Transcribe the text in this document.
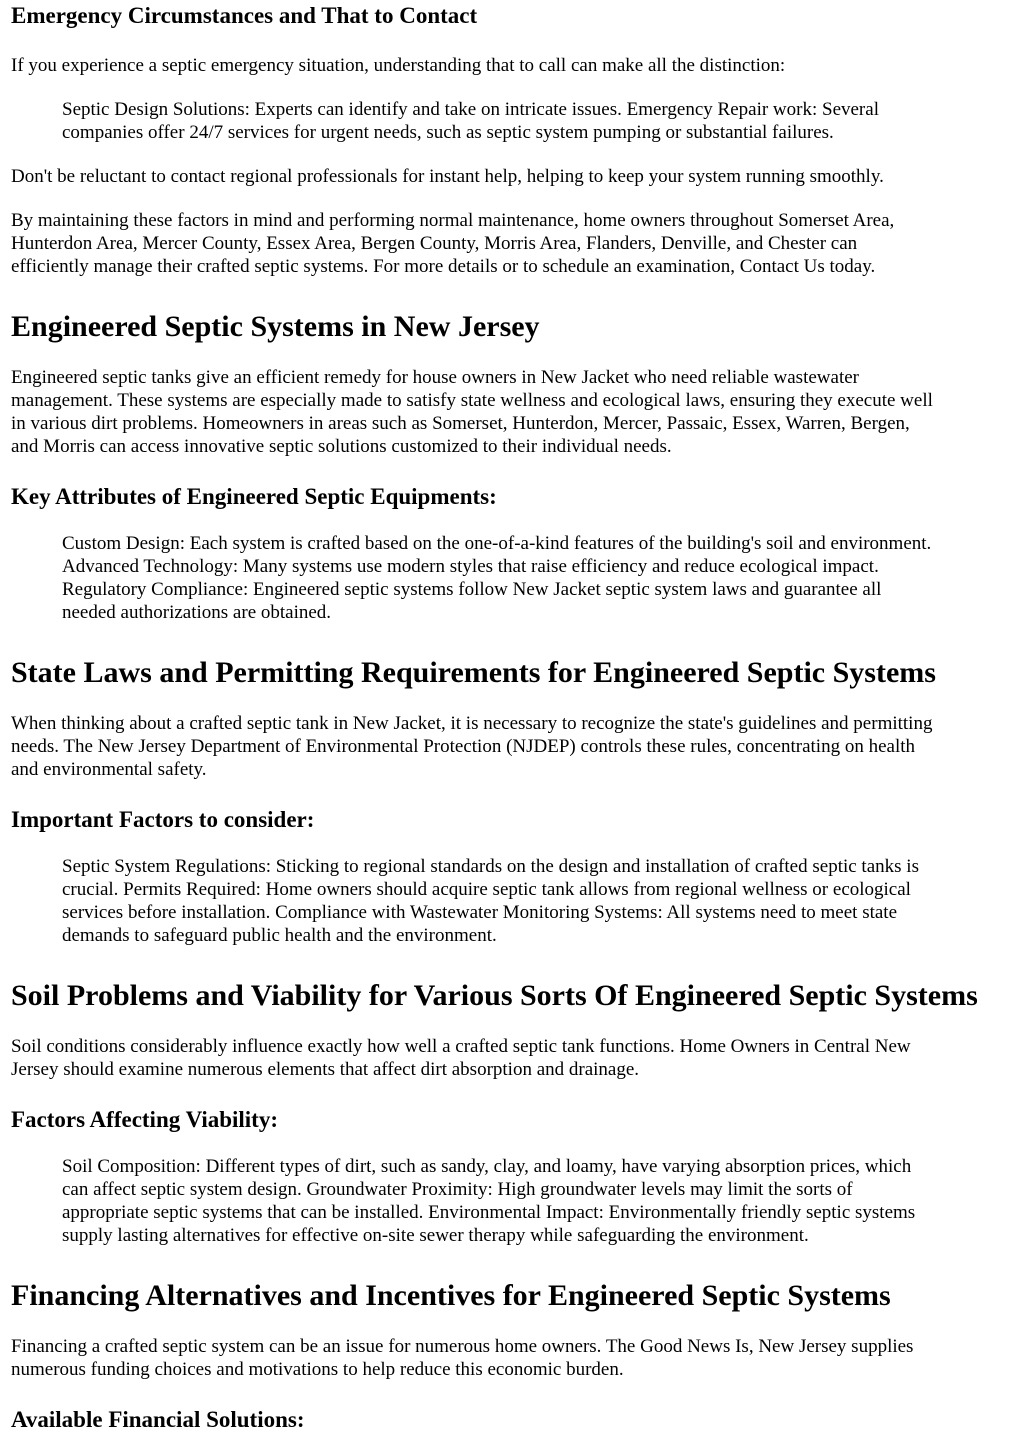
Emergency Circumstances and That to Contact

If you experience a septic emergency situation, understanding that to call can make all the distinction:

Septic Design Solutions: Experts can identify and take on intricate issues. Emergency Repair work: Several
companies offer 24/7 services for urgent needs, such as septic system pumping or substantial failures.

Don't be reluctant to contact regional professionals for instant help, helping to keep your system running smoothly.

By maintaining these factors in mind and performing normal maintenance, home owners throughout Somerset Area,
Hunterdon Area, Mercer County, Essex Area, Bergen County, Morris Area, Flanders, Denville, and Chester can
efficiently manage their crafted septic systems. For more details or to schedule an examination, Contact Us today.

Engineered Septic Systems in New Jersey

Engineered septic tanks give an efficient remedy for house owners in New Jacket who need reliable wastewater
management. These systems are especially made to satisfy state wellness and ecological laws, ensuring they execute well
in various dirt problems. Homeowners in areas such as Somerset, Hunterdon, Mercer, Passaic, Essex, Warren, Bergen,
and Morris can access innovative septic solutions customized to their individual needs.

Key Attributes of Engineered Septic Equipments:
Custom Design: Each system is crafted based on the one-of-a-kind features of the building's soil and environment.
Advanced Technology: Many systems use modern styles that raise efficiency and reduce ecological impact.
Regulatory Compliance: Engineered septic systems follow New Jacket septic system laws and guarantee all
needed authorizations are obtained.
State Laws and Permitting Requirements for Engineered Septic Systems

When thinking about a crafted septic tank in New Jacket, it is necessary to recognize the state's guidelines and permitting
needs. The New Jersey Department of Environmental Protection (NJDEP) controls these rules, concentrating on health
and environmental safety.

Important Factors to consider:
Septic System Regulations: Sticking to regional standards on the design and installation of crafted septic tanks is
crucial. Permits Required: Home owners should acquire septic tank allows from regional wellness or ecological
services before installation. Compliance with Wastewater Monitoring Systems: All systems need to meet state
demands to safeguard public health and the environment.
Soil Problems and Viability for Various Sorts Of Engineered Septic Systems

Soil conditions considerably influence exactly how well a crafted septic tank functions. Home Owners in Central New
Jersey should examine numerous elements that affect dirt absorption and drainage.

Factors Affecting Viability:
Soil Composition: Different types of dirt, such as sandy, clay, and loamy, have varying absorption prices, which
can affect septic system design. Groundwater Proximity: High groundwater levels may limit the sorts of
appropriate septic systems that can be installed. Environmental Impact: Environmentally friendly septic systems
supply lasting alternatives for effective on-site sewer therapy while safeguarding the environment.
Financing Alternatives and Incentives for Engineered Septic Systems

Financing a crafted septic system can be an issue for numerous home owners. The Good News Is, New Jersey supplies
numerous funding choices and motivations to help reduce this economic burden.

Available Financial Solutions:
